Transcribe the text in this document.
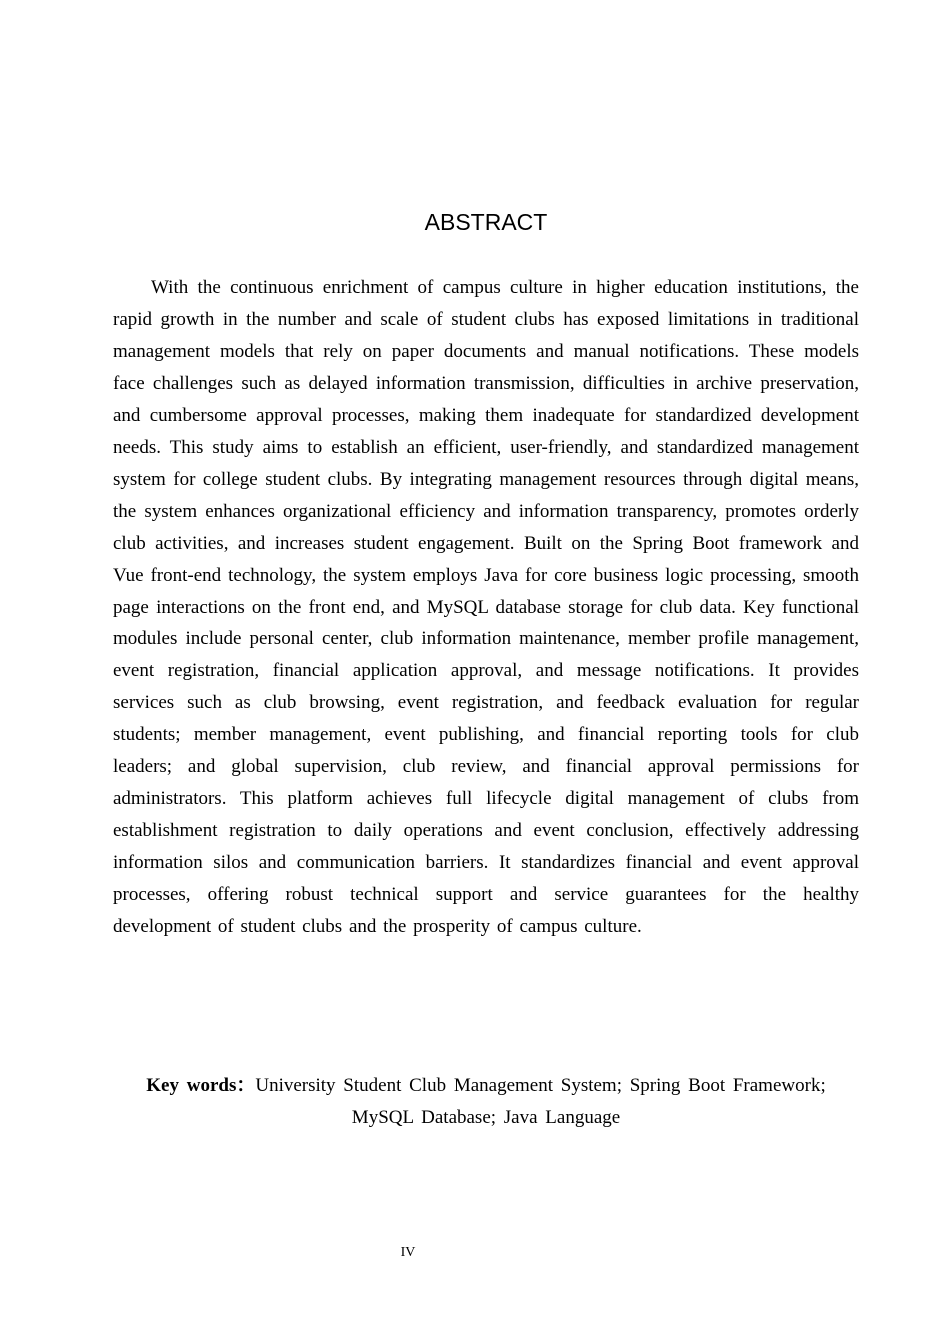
ABSTRACT

With the continuous enrichment of campus culture in higher education institutions, the rapid growth in the number and scale of student clubs has exposed limitations in traditional management models that rely on paper documents and manual notifications. These models face challenges such as delayed information transmission, difficulties in archive preservation, and cumbersome approval processes, making them inadequate for standardized development needs. This study aims to establish an efficient, user-friendly, and standardized management system for college student clubs. By integrating management resources through digital means, the system enhances organizational efficiency and information transparency, promotes orderly club activities, and increases student engagement. Built on the Spring Boot framework and Vue front-end technology, the system employs Java for core business logic processing, smooth page interactions on the front end, and MySQL database storage for club data. Key functional modules include personal center, club information maintenance, member profile management, event registration, financial application approval, and message notifications. It provides services such as club browsing, event registration, and feedback evaluation for regular students; member management, event publishing, and financial reporting tools for club leaders; and global supervision, club review, and financial approval permissions for administrators. This platform achieves full lifecycle digital management of clubs from establishment registration to daily operations and event conclusion, effectively addressing information silos and communication barriers. It standardizes financial and event approval processes, offering robust technical support and service guarantees for the healthy development of student clubs and the prosperity of campus culture.

Key words：University Student Club Management System; Spring Boot Framework; MySQL Database; Java Language

IV
